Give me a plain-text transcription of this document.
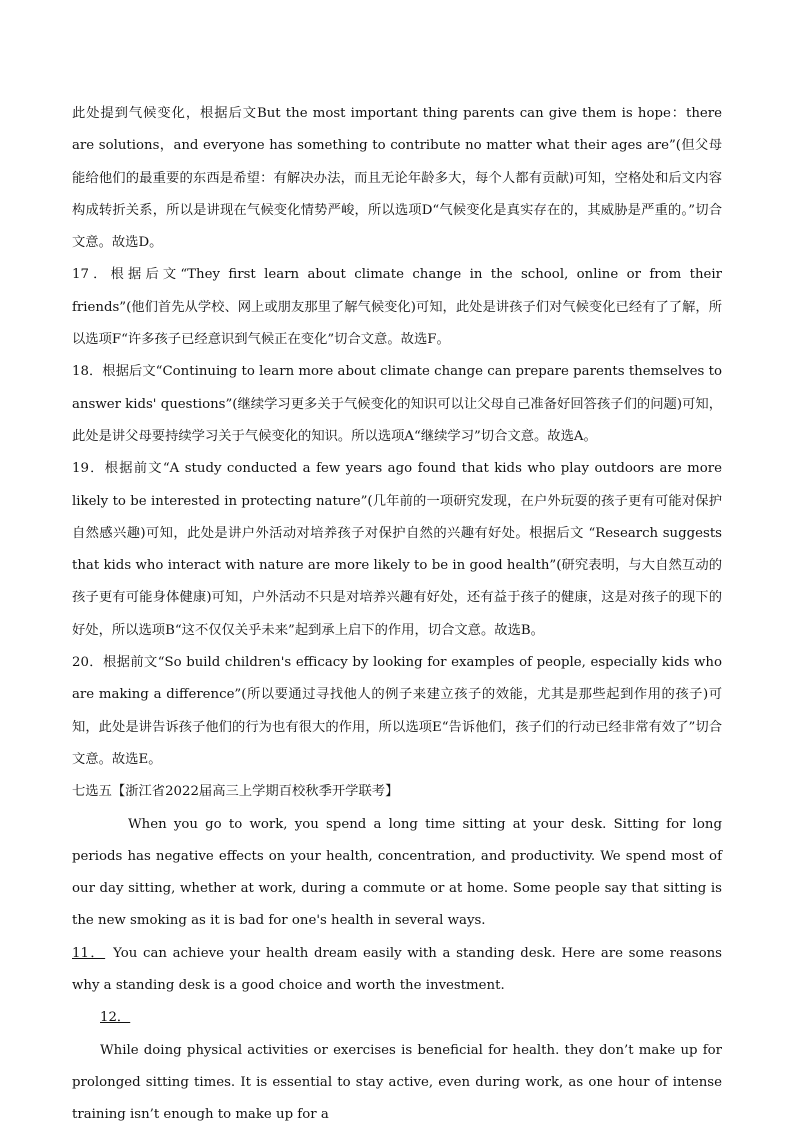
此处提到气候变化，根据后文But the most important thing parents can give them is hope：there are solutions，and everyone has something to contribute no matter what their ages are”(但父母能给他们的最重要的东西是希望：有解决办法，而且无论年龄多大，每个人都有贡献)可知，空格处和后文内容构成转折关系，所以是讲现在气候变化情势严峻，所以选项D“气候变化是真实存在的，其威胁是严重的。”切合文意。故选D。

17．根据后文“They first learn about climate change in the school, online or from their friends”(他们首先从学校、网上或朋友那里了解气候变化)可知，此处是讲孩子们对气候变化已经有了了解，所以选项F“许多孩子已经意识到气候正在变化”切合文意。故选F。

18．根据后文“Continuing to learn more about climate change can prepare parents themselves to answer kids' questions”(继续学习更多关于气候变化的知识可以让父母自己准备好回答孩子们的问题)可知，此处是讲父母要持续学习关于气候变化的知识。所以选项A“继续学习”切合文意。故选A。

19．根据前文“A study conducted a few years ago found that kids who play outdoors are more likely to be interested in protecting nature”(几年前的一项研究发现，在户外玩耍的孩子更有可能对保护自然感兴趣)可知，此处是讲户外活动对培养孩子对保护自然的兴趣有好处。根据后文 “Research suggests that kids who interact with nature are more likely to be in good health”(研究表明，与大自然互动的孩子更有可能身体健康)可知，户外活动不只是对培养兴趣有好处，还有益于孩子的健康，这是对孩子的现下的好处，所以选项B“这不仅仅关乎未来”起到承上启下的作用，切合文意。故选B。

20．根据前文“So build children's efficacy by looking for examples of people, especially kids who are making a difference”(所以要通过寻找他人的例子来建立孩子的效能，尤其是那些起到作用的孩子)可知，此处是讲告诉孩子他们的行为也有很大的作用，所以选项E“告诉他们，孩子们的行动已经非常有效了”切合文意。故选E。

七选五【浙江省2022届高三上学期百校秋季开学联考】

When you go to work, you spend a long time sitting at your desk. Sitting for long periods has negative effects on your health, concentration, and productivity. We spend most of our day sitting, whether at work, during a commute or at home. Some people say that sitting is the new smoking as it is bad for one's health in several ways.

11． You can achieve your health dream easily with a standing desk. Here are some reasons why a standing desk is a good choice and worth the investment.

12．

While doing physical activities or exercises is beneficial for health. they don’t make up for prolonged sitting times. It is essential to stay active, even during work, as one hour of intense training isn’t enough to make up for a
